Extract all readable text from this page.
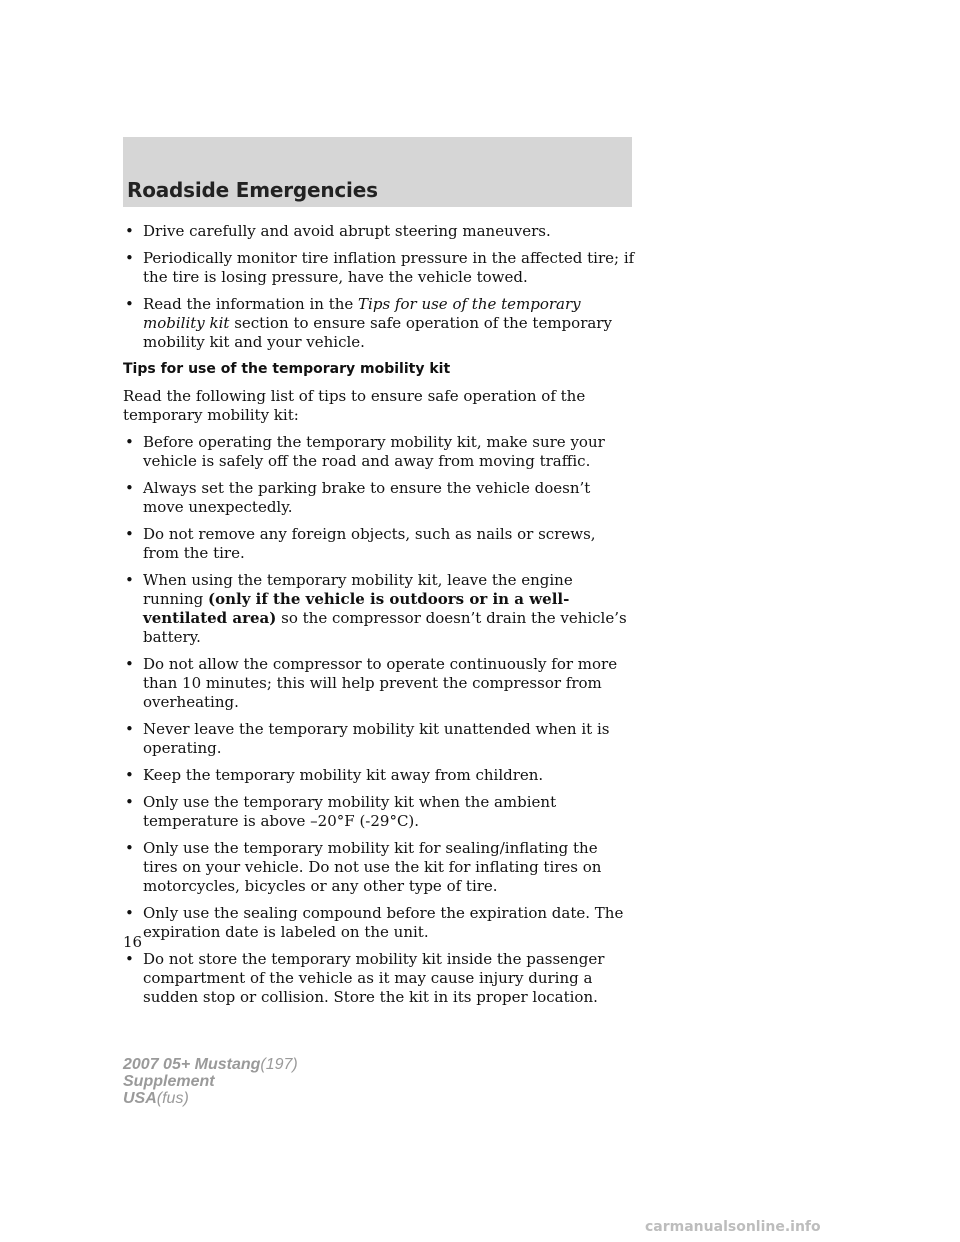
Roadside Emergencies
• Drive carefully and avoid abrupt steering maneuvers.
• Periodically monitor tire inflation pressure in the affected tire; if the tire is losing pressure, have the vehicle towed.
• Read the information in the Tips for use of the temporary mobility kit section to ensure safe operation of the temporary mobility kit and your vehicle.
Tips for use of the temporary mobility kit
Read the following list of tips to ensure safe operation of the temporary mobility kit:
• Before operating the temporary mobility kit, make sure your vehicle is safely off the road and away from moving traffic.
• Always set the parking brake to ensure the vehicle doesn’t move unexpectedly.
• Do not remove any foreign objects, such as nails or screws, from the tire.
• When using the temporary mobility kit, leave the engine running (only if the vehicle is outdoors or in a well-ventilated area) so the compressor doesn’t drain the vehicle’s battery.
• Do not allow the compressor to operate continuously for more than 10 minutes; this will help prevent the compressor from overheating.
• Never leave the temporary mobility kit unattended when it is operating.
• Keep the temporary mobility kit away from children.
• Only use the temporary mobility kit when the ambient temperature is above –20°F (-29°C).
• Only use the temporary mobility kit for sealing/inflating the tires on your vehicle. Do not use the kit for inflating tires on motorcycles, bicycles or any other type of tire.
• Only use the sealing compound before the expiration date. The expiration date is labeled on the unit.
• Do not store the temporary mobility kit inside the passenger compartment of the vehicle as it may cause injury during a sudden stop or collision. Store the kit in its proper location.
16
2007 05+ Mustang(197)
Supplement
USA(fus)
carmanualsonline.info
